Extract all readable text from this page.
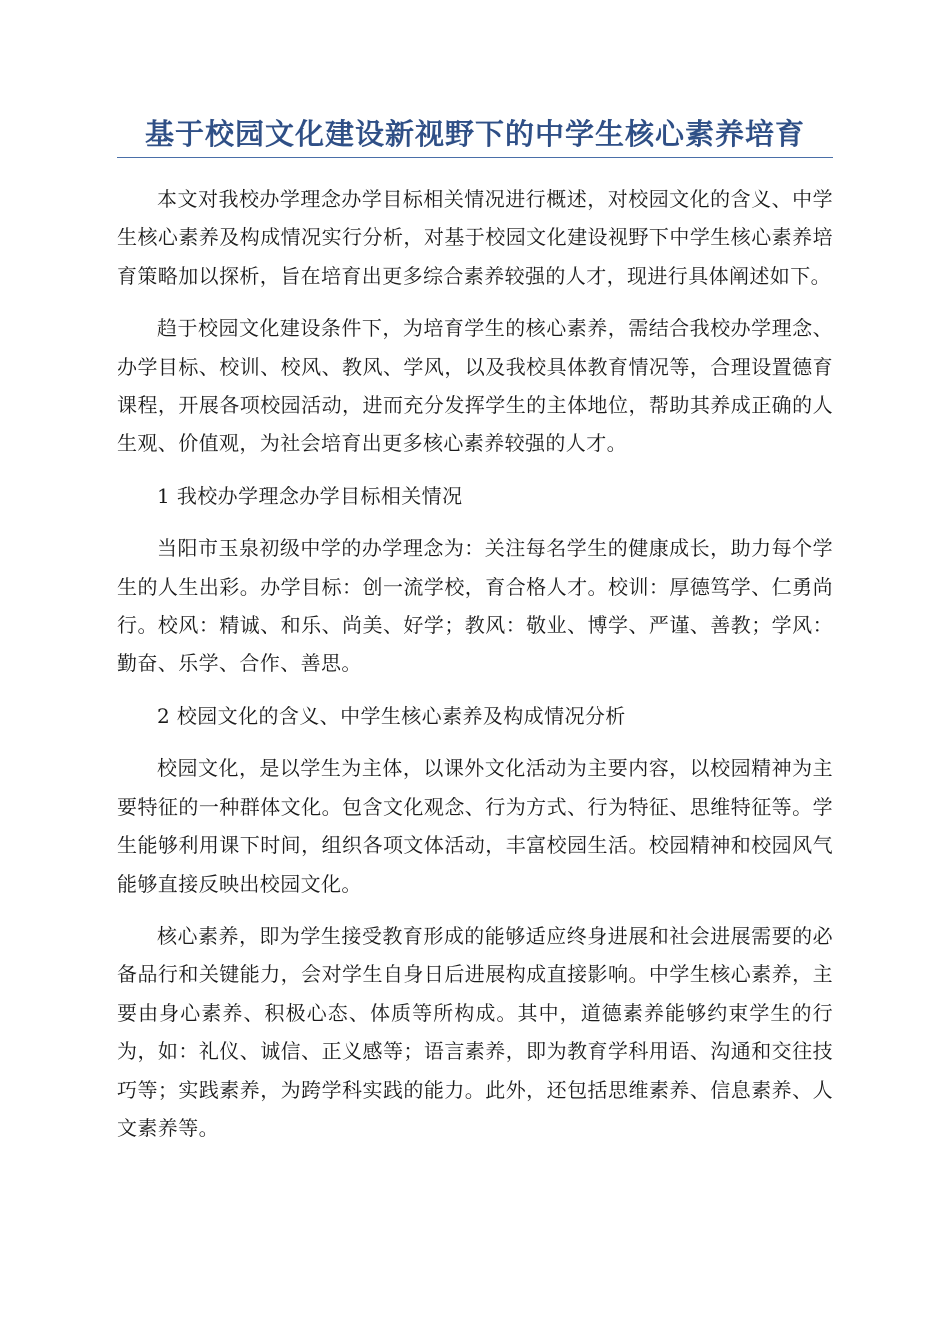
基于校园文化建设新视野下的中学生核心素养培育

本文对我校办学理念办学目标相关情况进行概述，对校园文化的含义、中学生核心素养及构成情况实行分析，对基于校园文化建设视野下中学生核心素养培育策略加以探析，旨在培育出更多综合素养较强的人才，现进行具体阐述如下。

趋于校园文化建设条件下，为培育学生的核心素养，需结合我校办学理念、办学目标、校训、校风、教风、学风，以及我校具体教育情况等，合理设置德育课程，开展各项校园活动，进而充分发挥学生的主体地位，帮助其养成正确的人生观、价值观，为社会培育出更多核心素养较强的人才。

1 我校办学理念办学目标相关情况

当阳市玉泉初级中学的办学理念为：关注每名学生的健康成长，助力每个学生的人生出彩。办学目标：创一流学校，育合格人才。校训：厚德笃学、仁勇尚行。校风：精诚、和乐、尚美、好学；教风：敬业、博学、严谨、善教；学风：勤奋、乐学、合作、善思。

2 校园文化的含义、中学生核心素养及构成情况分析

校园文化，是以学生为主体，以课外文化活动为主要内容，以校园精神为主要特征的一种群体文化。包含文化观念、行为方式、行为特征、思维特征等。学生能够利用课下时间，组织各项文体活动，丰富校园生活。校园精神和校园风气能够直接反映出校园文化。

核心素养，即为学生接受教育形成的能够适应终身进展和社会进展需要的必备品行和关键能力，会对学生自身日后进展构成直接影响。中学生核心素养，主要由身心素养、积极心态、体质等所构成。其中，道德素养能够约束学生的行为，如：礼仪、诚信、正义感等；语言素养，即为教育学科用语、沟通和交往技巧等；实践素养，为跨学科实践的能力。此外，还包括思维素养、信息素养、人文素养等。
